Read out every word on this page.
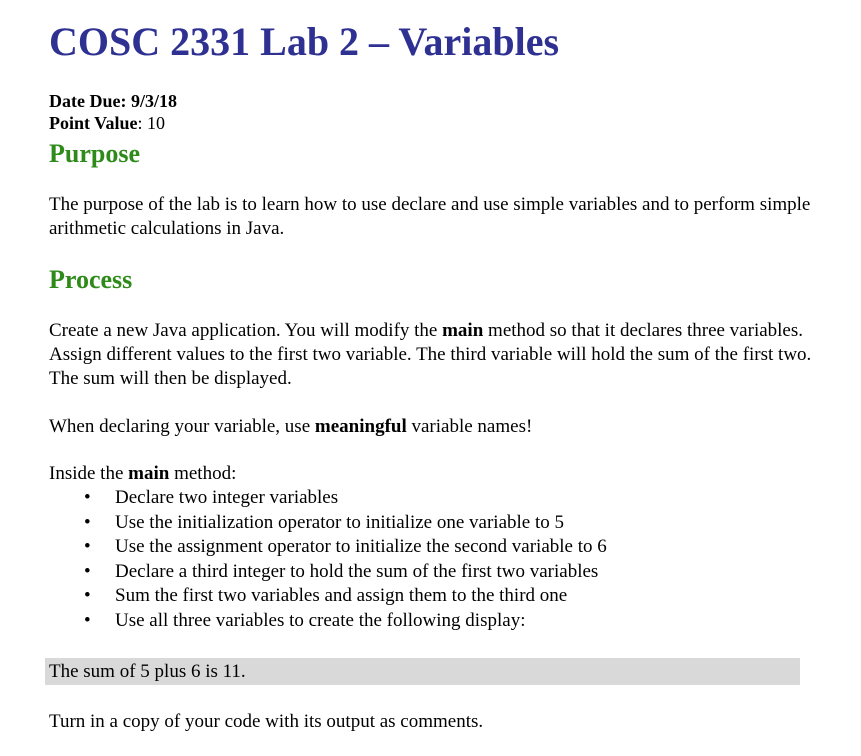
COSC 2331 Lab 2 – Variables
Date Due: 9/3/18
Point Value: 10
Purpose

The purpose of the lab is to learn how to use declare and use simple variables and to perform simple arithmetic calculations in Java.

Process

Create a new Java application. You will modify the main method so that it declares three variables. Assign different values to the first two variable. The third variable will hold the sum of the first two. The sum will then be displayed.

When declaring your variable, use meaningful variable names!

Inside the main method:

• Declare two integer variables
• Use the initialization operator to initialize one variable to 5
• Use the assignment operator to initialize the second variable to 6
• Declare a third integer to hold the sum of the first two variables
• Sum the first two variables and assign them to the third one
• Use all three variables to create the following display:
The sum of 5 plus 6 is 11.

Turn in a copy of your code with its output as comments.
